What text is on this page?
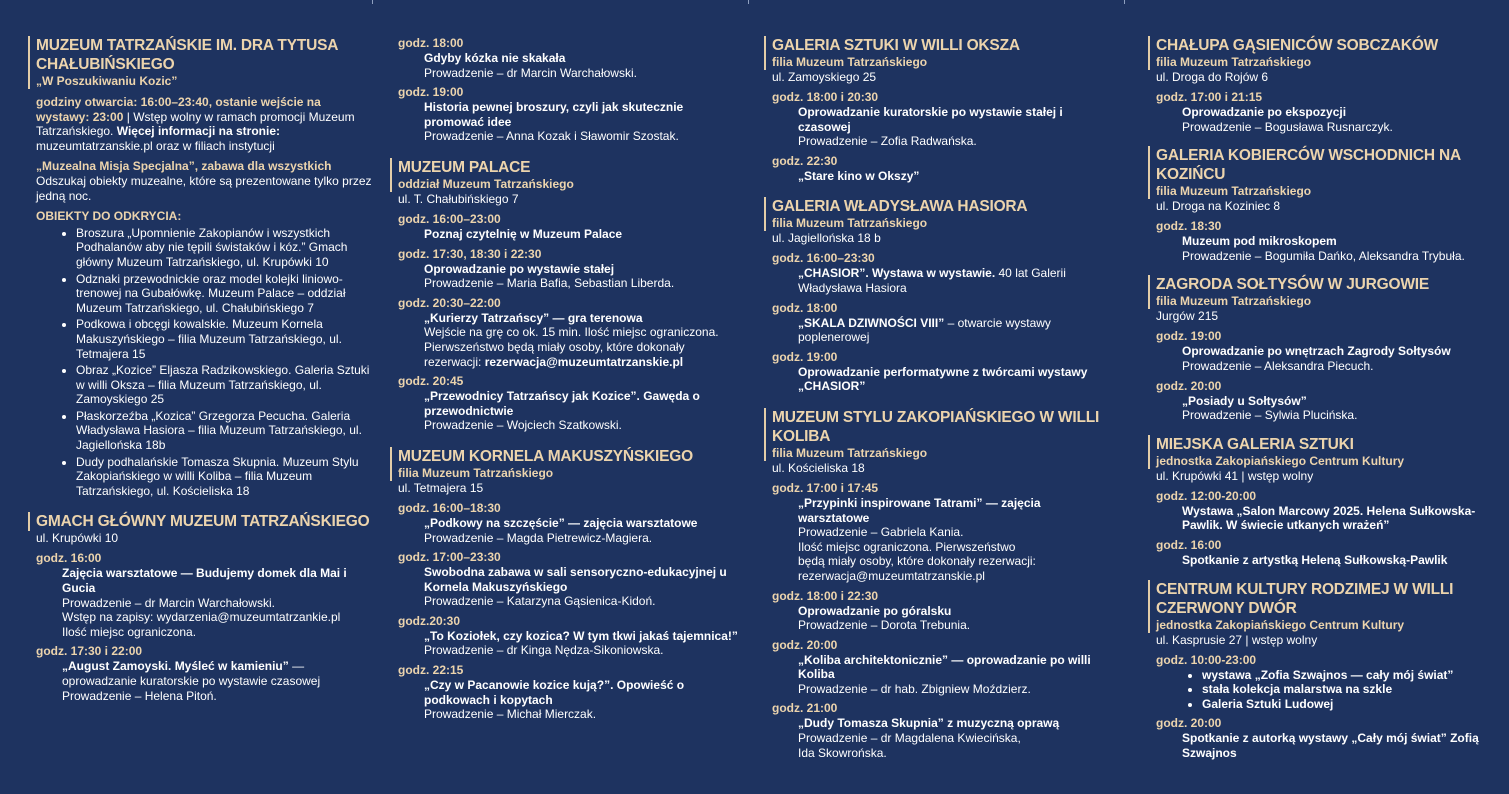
MUZEUM TATRZAŃSKIE IM. DRA TYTUSA CHAŁUBIŃSKIEGO
„W Poszukiwaniu Kozic”
godziny otwarcia: 16:00–23:40, ostanie wejście na wystawy: 23:00 | Wstęp wolny w ramach promocji Muzeum Tatrzańskiego. Więcej informacji na stronie: muzeumtatrzanskie.pl oraz w filiach instytucji
„Muzealna Misja Specjalna”, zabawa dla wszystkich
Odszukaj obiekty muzealne, które są prezentowane tylko przez jedną noc.
OBIEKTY DO ODKRYCIA:
• Broszura „Upomnienie Zakopianów i wszystkich Podhalanów aby nie tępili świstaków i kóz.” Gmach główny Muzeum Tatrzańskiego, ul. Krupówki 10
• Odznaki przewodnickie oraz model kolejki liniowo-trenowej na Gubałówkę. Muzeum Palace – oddział Muzeum Tatrzańskiego, ul. Chałubińskiego 7
• Podkowa i obcęgi kowalskie. Muzeum Kornela Makuszyńskiego – filia Muzeum Tatrzańskiego, ul. Tetmajera 15
• Obraz „Kozice” Eljasza Radzikowskiego. Galeria Sztuki w willi Oksza – filia Muzeum Tatrzańskiego, ul. Zamoyskiego 25
• Płaskorzeźba „Kozica” Grzegorza Pecucha. Galeria Władysława Hasiora – filia Muzeum Tatrzańskiego, ul. Jagiellońska 18b
• Dudy podhalańskie Tomasza Skupnia. Muzeum Stylu Zakopiańskiego w willi Koliba – filia Muzeum Tatrzańskiego, ul. Kościeliska 18
GMACH GŁÓWNY MUZEUM TATRZAŃSKIEGO
ul. Krupówki 10
godz. 16:00
Zajęcia warsztatowe — Budujemy domek dla Mai i Gucia
Prowadzenie – dr Marcin Warchałowski.
Wstęp na zapisy: wydarzenia@muzeumtatrzankie.pl
Ilość miejsc ograniczona.
godz. 17:30 i 22:00
„August Zamoyski. Myśleć w kamieniu” — oprowadzanie kuratorskie po wystawie czasowej
Prowadzenie – Helena Pitoń.
godz. 18:00
Gdyby kózka nie skakała
Prowadzenie – dr Marcin Warchałowski.
godz. 19:00
Historia pewnej broszury, czyli jak skutecznie promować idee
Prowadzenie – Anna Kozak i Sławomir Szostak.
MUZEUM PALACE
oddział Muzeum Tatrzańskiego
ul. T. Chałubińskiego 7
godz. 16:00–23:00
Poznaj czytelnię w Muzeum Palace
godz. 17:30, 18:30 i 22:30
Oprowadzanie po wystawie stałej
Prowadzenie – Maria Bafia, Sebastian Liberda.
godz. 20:30–22:00
„Kurierzy Tatrzańscy” — gra terenowa
Wejście na grę co ok. 15 min. Ilość miejsc ograniczona.
Pierwszeństwo będą miały osoby, które dokonały
rezerwacji: rezerwacja@muzeumtatrzanskie.pl
godz. 20:45
„Przewodnicy Tatrzańscy jak Kozice”. Gawęda o przewodnictwie
Prowadzenie – Wojciech Szatkowski.
MUZEUM KORNELA MAKUSZYŃSKIEGO
filia Muzeum Tatrzańskiego
ul. Tetmajera 15
godz. 16:00–18:30
„Podkowy na szczęście” — zajęcia warsztatowe
Prowadzenie – Magda Pietrewicz-Magiera.
godz. 17:00–23:30
Swobodna zabawa w sali sensoryczno-edukacyjnej u Kornela Makuszyńskiego
Prowadzenie – Katarzyna Gąsienica-Kidoń.
godz.20:30
„To Koziołek, czy kozica? W tym tkwi jakaś tajemnica!”
Prowadzenie – dr Kinga Nędza-Sikoniowska.
godz. 22:15
„Czy w Pacanowie kozice kują?”. Opowieść o podkowach i kopytach
Prowadzenie – Michał Mierczak.
GALERIA SZTUKI W WILLI OKSZA
filia Muzeum Tatrzańskiego
ul. Zamoyskiego 25
godz. 18:00 i 20:30
Oprowadzanie kuratorskie po wystawie stałej i czasowej
Prowadzenie – Zofia Radwańska.
godz. 22:30
„Stare kino w Okszy”
GALERIA WŁADYSŁAWA HASIORA
filia Muzeum Tatrzańskiego
ul. Jagiellońska 18 b
godz. 16:00–23:30
„CHASIOR”. Wystawa w wystawie. 40 lat Galerii Władysława Hasiora
godz. 18:00
„SKALA DZIWNOŚCI VIII” – otwarcie wystawy poplenerowej
godz. 19:00
Oprowadzanie performatywne z twórcami wystawy „CHASIOR”
MUZEUM STYLU ZAKOPIAŃSKIEGO W WILLI KOLIBA
filia Muzeum Tatrzańskiego
ul. Kościeliska 18
godz. 17:00 i 17:45
„Przypinki inspirowane Tatrami” — zajęcia warsztatowe
Prowadzenie – Gabriela Kania.
Ilość miejsc ograniczona. Pierwszeństwo
będą miały osoby, które dokonały rezerwacji:
rezerwacja@muzeumtatrzanskie.pl
godz. 18:00 i 22:30
Oprowadzanie po góralsku
Prowadzenie – Dorota Trebunia.
godz. 20:00
„Koliba architektonicznie” — oprowadzanie po willi Koliba
Prowadzenie – dr hab. Zbigniew Moździerz.
godz. 21:00
„Dudy Tomasza Skupnia” z muzyczną oprawą
Prowadzenie – dr Magdalena Kwiecińska,
Ida Skowrońska.
CHAŁUPA GĄSIENICÓW SOBCZAKÓW
filia Muzeum Tatrzańskiego
ul. Droga do Rojów 6
godz. 17:00 i 21:15
Oprowadzanie po ekspozycji
Prowadzenie – Bogusława Rusnarczyk.
GALERIA KOBIERCÓW WSCHODNICH NA KOZIŃCU
filia Muzeum Tatrzańskiego
ul. Droga na Koziniec 8
godz. 18:30
Muzeum pod mikroskopem
Prowadzenie – Bogumiła Dańko, Aleksandra Trybuła.
ZAGRODA SOŁTYSÓW W JURGOWIE
filia Muzeum Tatrzańskiego
Jurgów 215
godz. 19:00
Oprowadzanie po wnętrzach Zagrody Sołtysów
Prowadzenie – Aleksandra Piecuch.
godz. 20:00
„Posiady u Sołtysów”
Prowadzenie – Sylwia Plucińska.
MIEJSKA GALERIA SZTUKI
jednostka Zakopiańskiego Centrum Kultury
ul. Krupówki 41 | wstęp wolny
godz. 12:00-20:00
Wystawa „Salon Marcowy 2025. Helena Sułkowska-Pawlik. W świecie utkanych wrażeń”
godz. 16:00
Spotkanie z artystką Heleną Sułkowską-Pawlik
CENTRUM KULTURY RODZIMEJ W WILLI CZERWONY DWÓR
jednostka Zakopiańskiego Centrum Kultury
ul. Kasprusie 27 | wstęp wolny
godz. 10:00-23:00
• wystawa „Zofia Szwajnos — cały mój świat”
• stała kolekcja malarstwa na szkle
• Galeria Sztuki Ludowej
godz. 20:00
Spotkanie z autorką wystawy „Cały mój świat” Zofią Szwajnos
